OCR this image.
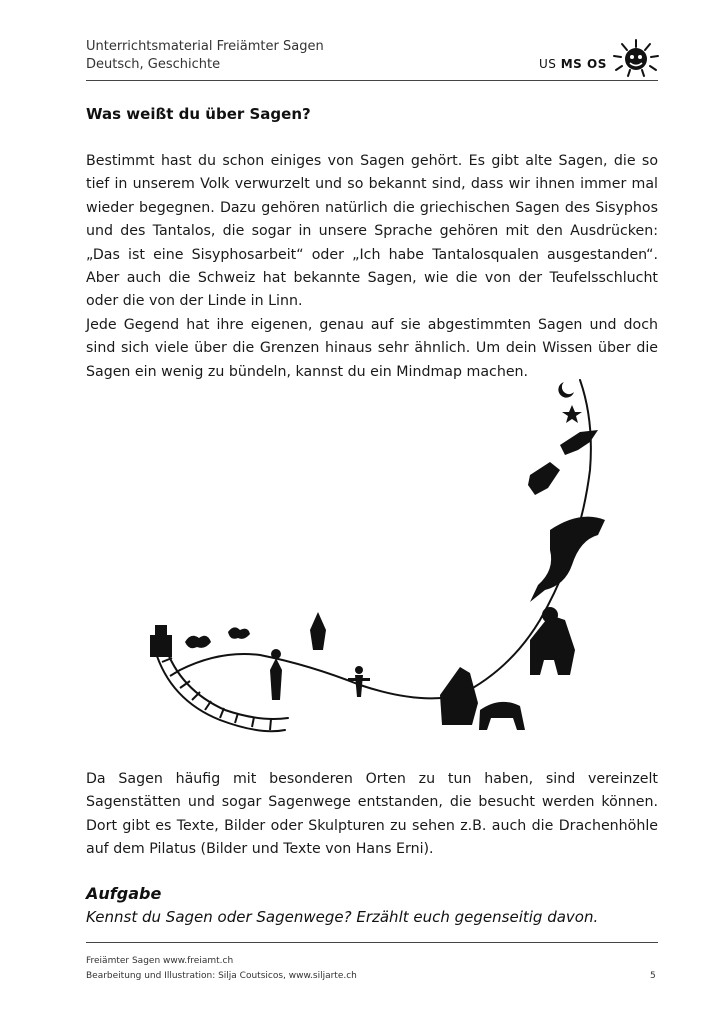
Unterrichtsmaterial Freiämter Sagen
Deutsch, Geschichte	US MS OS
Was weißt du über Sagen?

Bestimmt hast du schon einiges von Sagen gehört. Es gibt alte Sagen, die so tief in unserem Volk verwurzelt und so bekannt sind, dass wir ihnen immer mal wieder begegnen. Dazu gehören natürlich die griechischen Sagen des Sisyphos und des Tantalos, die sogar in unsere Sprache gehören mit den Ausdrücken: „Das ist eine Sisyphosarbeit“ oder „Ich habe Tantalosqualen ausgestanden“. Aber auch die Schweiz hat bekannte Sagen, wie die von der Teufelsschlucht oder die von der Linde in Linn.

Jede Gegend hat ihre eigenen, genau auf sie abgestimmten Sagen und doch sind sich viele über die Grenzen hinaus sehr ähnlich. Um dein Wissen über die Sagen ein wenig zu bündeln, kannst du ein Mindmap machen.

Da Sagen häufig mit besonderen Orten zu tun haben, sind vereinzelt Sagenstätten und sogar Sagenwege entstanden, die besucht werden können. Dort gibt es Texte, Bilder oder Skulpturen zu sehen z.B. auch die Drachenhöhle auf dem Pilatus (Bilder und Texte von Hans Erni).
Aufgabe
Kennst du Sagen oder Sagenwege? Erzählt euch gegenseitig davon.
Freiämter Sagen www.freiamt.ch
Bearbeitung und Illustration: Silja Coutsicos, www.siljarte.ch	5
